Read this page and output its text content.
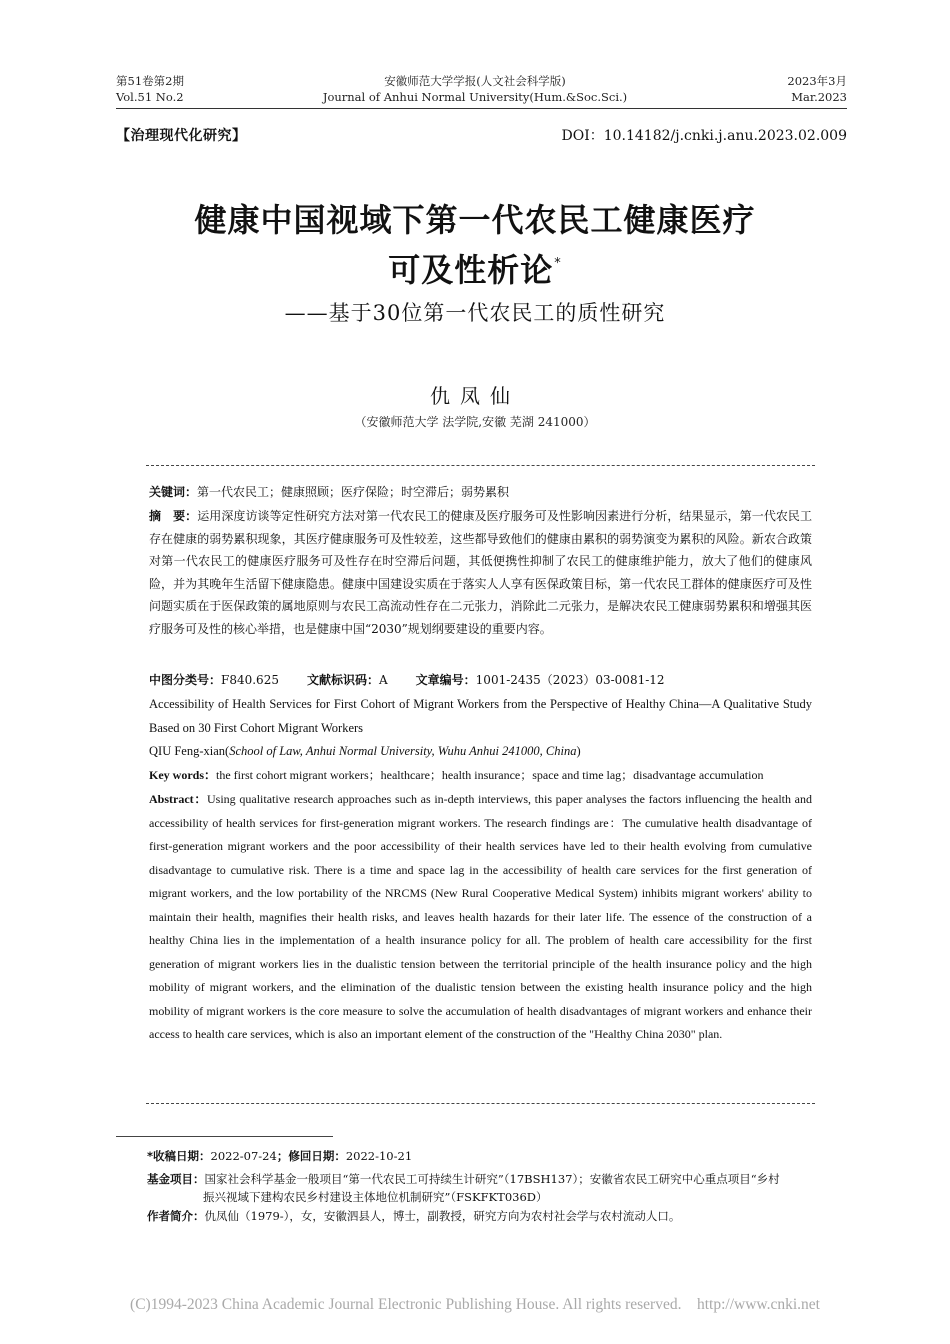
第51卷第2期
Vol.51 No.2
安徽师范大学学报(人文社会科学版)
Journal of Anhui Normal University(Hum.&Soc.Sci.)
2023年3月
Mar.2023
【治理现代化研究】	DOI：10.14182/j.cnki.j.anu.2023.02.009
健康中国视域下第一代农民工健康医疗
可及性析论*
——基于30位第一代农民工的质性研究
仇凤仙
（安徽师范大学 法学院,安徽 芜湖 241000）
关键词：第一代农民工；健康照顾；医疗保险；时空滞后；弱势累积
摘　要：运用深度访谈等定性研究方法对第一代农民工的健康及医疗服务可及性影响因素进行分析，结果显示，第一代农民工存在健康的弱势累积现象，其医疗健康服务可及性较差，这些都导致他们的健康由累积的弱势演变为累积的风险。新农合政策对第一代农民工的健康医疗服务可及性存在时空滞后问题，其低便携性抑制了农民工的健康维护能力，放大了他们的健康风险，并为其晚年生活留下健康隐患。健康中国建设实质在于落实人人享有医保政策目标，第一代农民工群体的健康医疗可及性问题实质在于医保政策的属地原则与农民工高流动性存在二元张力，消除此二元张力，是解决农民工健康弱势累积和增强其医疗服务可及性的核心举措，也是健康中国“2030”规划纲要建设的重要内容。
中图分类号：F840.625 文献标识码：A 文章编号：1001-2435（2023）03-0081-12
Accessibility of Health Services for First Cohort of Migrant Workers from the Perspective of Healthy China—A Qualitative Study Based on 30 First Cohort Migrant Workers
QIU Feng-xian(School of Law, Anhui Normal University, Wuhu Anhui 241000, China)
Key words：the first cohort migrant workers；healthcare；health insurance；space and time lag；disadvantage accumulation
Abstract：Using qualitative research approaches such as in-depth interviews, this paper analyses the factors influencing the health and accessibility of health services for first-generation migrant workers. The research findings are：The cumulative health disadvantage of first-generation migrant workers and the poor accessibility of their health services have led to their health evolving from cumulative disadvantage to cumulative risk. There is a time and space lag in the accessibility of health care services for the first generation of migrant workers, and the low portability of the NRCMS (New Rural Cooperative Medical System) inhibits migrant workers' ability to maintain their health, magnifies their health risks, and leaves health hazards for their later life. The essence of the construction of a healthy China lies in the implementation of a health insurance policy for all. The problem of health care accessibility for the first generation of migrant workers lies in the dualistic tension between the territorial principle of the health insurance policy and the high mobility of migrant workers, and the elimination of the dualistic tension between the existing health insurance policy and the high mobility of migrant workers is the core measure to solve the accumulation of health disadvantages of migrant workers and enhance their access to health care services, which is also an important element of the construction of the "Healthy China 2030" plan.
*收稿日期：2022-07-24；修回日期：2022-10-21
基金项目：国家社会科学基金一般项目“第一代农民工可持续生计研究”（17BSH137）；安徽省农民工研究中心重点项目“乡村
振兴视域下建构农民乡村建设主体地位机制研究”（FSKFKT036D）
作者简介：仇凤仙（1979-），女，安徽泗县人，博士，副教授，研究方向为农村社会学与农村流动人口。
(C)1994-2023 China Academic Journal Electronic Publishing House. All rights reserved.    http://www.cnki.net
